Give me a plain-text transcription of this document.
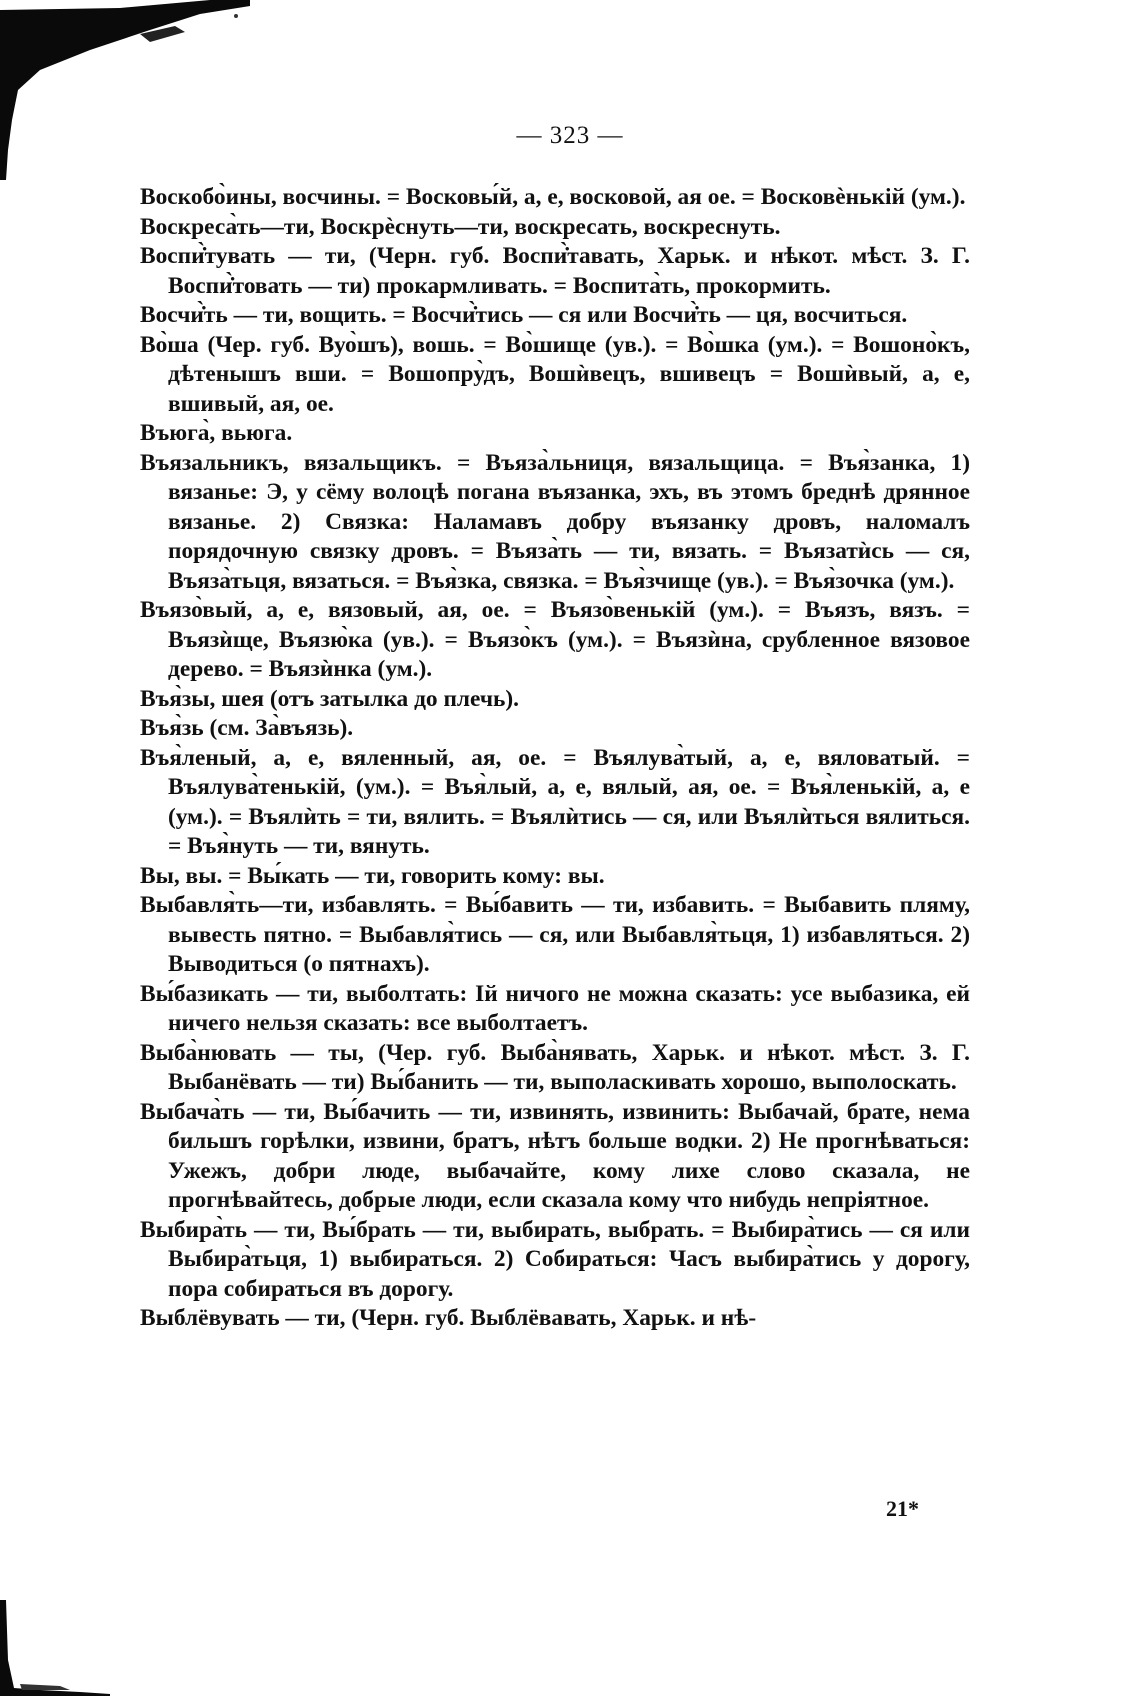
— 323 —

Воскобо̀ины, восчины. = Восковы́й, а, е, восковой, ая ое. = Восковѐнькій (ум.).

Воскреса̀ть—ти, Воскрѐснуть—ти, воскресать, воскреснуть.

Воспи̇̀тувать — ти, (Черн. губ. Воспи̇̀тавать, Харьк. и нѣкот. мѣст. З. Г. Воспи̇̀товать — ти) прокармливать. = Воспита̀ть, прокормить.

Восчи̇̀ть — ти, вощить. = Восчи̇̀тись — ся или Восчи̇̀ть — ця, восчиться.

Во̀ша (Чер. губ. Вуо̀шъ), вошь. = Во̀шище (ув.). = Во̀шка (ум.). = Вошоно̀къ, дѣтенышъ вши. = Вошопру̀дъ, Вошѝвецъ, вшивецъ = Вошѝвый, а, е, вшивый, ая, ое.

Въюга̀, вьюга.

Въязальникъ, вязальщикъ. = Въяза̀льниця, вязальщица. = Въя̀занка, 1) вязанье: Э, у сёму волоцѣ погана въязанка, эхъ, въ этомъ бреднѣ дрянное вязанье. 2) Связка: Наламавъ добру въязанку дровъ, наломалъ порядочную связку дровъ. = Въяза̀ть — ти, вязать. = Въязатѝсь — ся, Въяза̀тьця, вязаться. = Въя̀зка, связка. = Въя̀зчище (ув.). = Въя̀зочка (ум.).

Въязо̀вый, а, е, вязовый, ая, ое. = Въязо̀венькій (ум.). = Въязъ, вязъ. = Въязѝще, Въязю̀ка (ув.). = Въязо̀къ (ум.). = Въязѝна, срубленное вязовое дерево. = Въязѝнка (ум.).

Въя̀зы, шея (отъ затылка до плечь).

Въя̀зь (см. За̀въязь).

Въя̀леный, а, е, вяленный, ая, ое. = Въялува̀тый, а, е, вяловатый. = Въялува̀тенькій, (ум.). = Въя̀лый, а, е, вялый, ая, ое. = Въя̀ленькій, а, е (ум.). = Въялѝть = ти, вялить. = Въялѝтись — ся, или Въялѝться вялиться. = Въя̀нуть — ти, вянуть.

Вы, вы. = Вы́кать — ти, говорить кому: вы.

Выбавля̀ть—ти, избавлять. = Вы́бавить — ти, избавить. = Выбавить пляму, вывесть пятно. = Выбавля̀тись — ся, или Выбавля̀тьця, 1) избавляться. 2) Выводиться (о пятнахъ).

Вы́базикать — ти, выболтать: Ій ничого не можна сказать: усе выбазика, ей ничего нельзя сказать: все выболтаетъ.

Выба̀нювать — ты, (Чер. губ. Выба̀нявать, Харьк. и нѣкот. мѣст. З. Г. Выбанёвать — ти) Вы́банить — ти, выполаскивать хорошо, выполоскать.

Выбача̀ть — ти, Вы́бачить — ти, извинять, извинить: Выбачай, брате, нема бильшъ горѣлки, извини, братъ, нѣтъ больше водки. 2) Не прогнѣваться: Ужежъ, добри люде, выбачайте, кому лихе слово сказала, не прогнѣвайтесь, добрые люди, если сказала кому что нибудь непріятное.

Выбира̀ть — ти, Вы́брать — ти, выбирать, выбрать. = Выбира̀тись — ся или Выбира̀тьця, 1) выбираться. 2) Собираться: Часъ выбира̀тись у дорогу, пора собираться въ дорогу.

Выблёвувать — ти, (Черн. губ. Выблёвавать, Харьк. и нѣ-

21*
